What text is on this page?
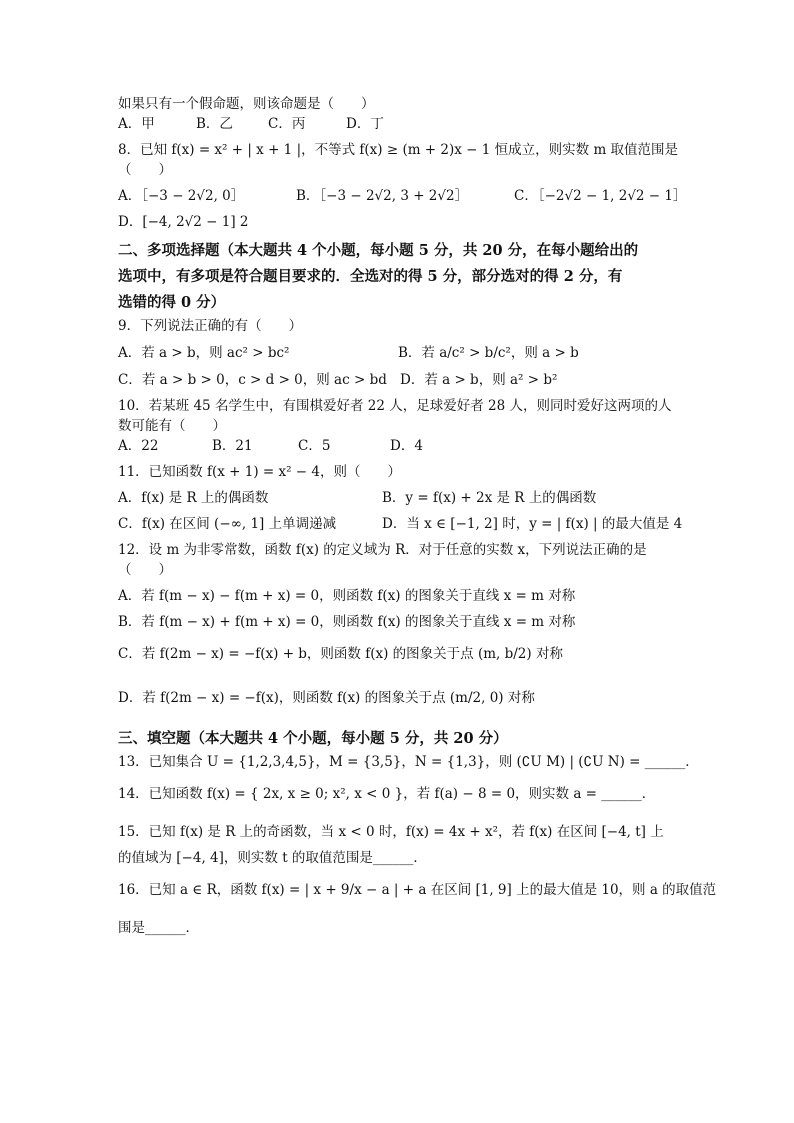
如果只有一个假命题，则该命题是（　　）
A．甲	B．乙	C．丙	D．丁
8．已知 f(x) = x² + | x + 1 |，不等式 f(x) ≥ (m + 2)x − 1 恒成立，则实数 m 取值范围是
（　　）
A．［−3 − 2√2, 0］	B．［−3 − 2√2, 3 + 2√2］	C．［−2√2 − 1, 2√2 − 1］
D．[−4, 2√2 − 1] 2
二、多项选择题（本大题共 4 个小题，每小题 5 分，共 20 分，在每小题给出的
选项中，有多项是符合题目要求的．全选对的得 5 分，部分选对的得 2 分，有
选错的得 0 分）
9．下列说法正确的有（　　）
A．若 a > b，则 ac² > bc²	B．若 a/c² > b/c²，则 a > b
C．若 a > b > 0，c > d > 0，则 ac > bd D．若 a > b，则 a² > b²
10．若某班 45 名学生中，有围棋爱好者 22 人，足球爱好者 28 人，则同时爱好这两项的人
数可能有（　　）
A．22	B．21	C．5	D．4
11．已知函数 f(x + 1) = x² − 4，则（　　）
A．f(x) 是 R 上的偶函数	B．y = f(x) + 2x 是 R 上的偶函数
C．f(x) 在区间 (−∞, 1] 上单调递减	D．当 x ∈ [−1, 2] 时，y = | f(x) | 的最大值是 4
12．设 m 为非零常数，函数 f(x) 的定义域为 R．对于任意的实数 x，下列说法正确的是
（　　）
A．若 f(m − x) − f(m + x) = 0，则函数 f(x) 的图象关于直线 x = m 对称
B．若 f(m − x) + f(m + x) = 0，则函数 f(x) 的图象关于直线 x = m 对称
C．若 f(2m − x) = −f(x) + b，则函数 f(x) 的图象关于点 (m, b/2) 对称
D．若 f(2m − x) = −f(x)，则函数 f(x) 的图象关于点 (m/2, 0) 对称
三、填空题（本大题共 4 个小题，每小题 5 分，共 20 分）
13．已知集合 U = {1,2,3,4,5}，M = {3,5}，N = {1,3}，则 (∁U M) | (∁U N) = ______．
14．已知函数 f(x) = { 2x, x ≥ 0; x², x < 0 }，若 f(a) − 8 = 0，则实数 a = ______．
15．已知 f(x) 是 R 上的奇函数，当 x < 0 时，f(x) = 4x + x²，若 f(x) 在区间 [−4, t] 上
的值域为 [−4, 4]，则实数 t 的取值范围是______．
16．已知 a ∈ R，函数 f(x) = | x + 9/x − a | + a 在区间 [1, 9] 上的最大值是 10，则 a 的取值范
围是______．
